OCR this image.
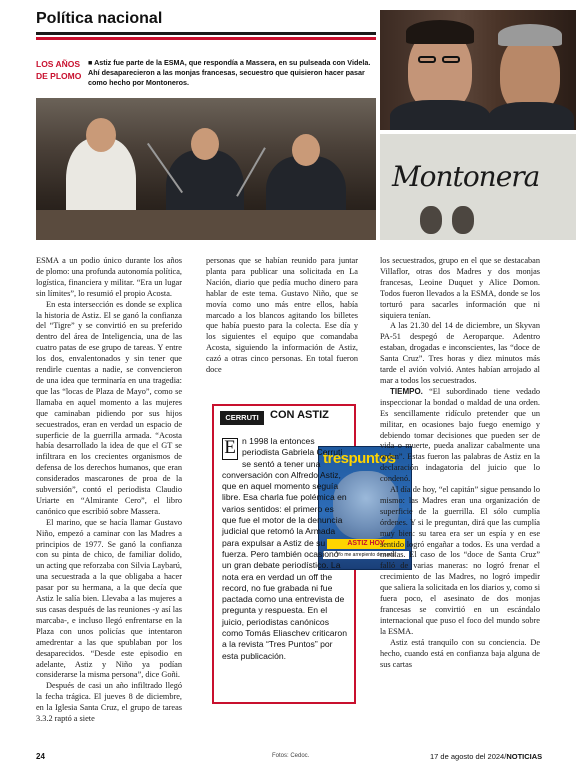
Política nacional
LOS AÑOS DE PLOMO
■ Astiz fue parte de la ESMA, que respondía a Massera, en su pulseada con Videla. Ahí desaparecieron a las monjas francesas, secuestro que quisieron hacer pasar como hecho por Montoneros.
Montonera

ESMA a un podio único durante los años de plomo: una profunda autonomía política, logística, financiera y militar. “Era un lugar sin límites”, lo resumió el propio Acosta.

En esta intersección es donde se explica la historia de Astiz. El se ganó la confianza del “Tigre” y se convirtió en su preferido dentro del área de Inteligencia, una de las cuatro patas de ese grupo de tareas. Y entre los dos, envalentonados y sin tener que rendirle cuentas a nadie, se convencieron de una idea que terminaría en una tragedia: que las “locas de Plaza de Mayo”, como se llamaba en aquel momento a las mujeres que caminaban pidiendo por sus hijos secuestrados, eran en verdad un espacio de superficie de la guerrilla armada. “Acosta había desarrollado la idea de que el GT se infiltrara en los crecientes organismos de defensa de los derechos humanos, que eran considerados mascarones de proa de la subversión”, contó el periodista Claudio Uriarte en “Almirante Cero”, el libro canónico que escribió sobre Massera.

El marino, que se hacía llamar Gustavo Niño, empezó a caminar con las Madres a principios de 1977. Se ganó la confianza con su pinta de chico, de familiar dolido, un acting que reforzaba con Silvia Laybarú, una secuestrada a la que obligaba a hacer pasar por su hermana, a la que decía que Astiz le salía bien. Llevaba a las mujeres a sus casas después de las reuniones -y así las marcaba-, e incluso llegó enfrentarse en la Plaza con unos policías que intentaron amedrentar a las que spublaban por los desaparecidos. “Desde este episodio en adelante, Astiz y Niño ya podían considerarse la misma persona”, dice Goñi.

Después de casi un año infiltrado llegó la fecha trágica. El jueves 8 de diciembre, en la Iglesia Santa Cruz, el grupo de tareas 3.3.2 raptó a siete

personas que se habían reunido para juntar planta para publicar una solicitada en La Nación, diario que pedía mucho dinero para hablar de este tema. Gustavo Niño, que se movía como uno más entre ellos, había marcado a los blancos agitando los billetes que había puesto para la colecta. Ese día y los siguientes el equipo que comandaba Acosta, siguiendo la información de Astiz, cazó a otras cinco personas. En total fueron doce

CERRUTI	CON ASTIZ
trespuntos
ASTIZ HOY
“Yo me arrepiento de nada”
E n 1998 la entonces periodista Gabriela Cerruti se sentó a tener una conversación con Alfredo Astiz, que en aquel momento seguía libre. Esa charla fue polémica en varios sentidos: el primero es que fue el motor de la denuncia judicial que retomó la Armada para expulsar a Astiz de su fuerza. Pero también ocasionó un gran debate periodístico. La nota era en verdad un off the record, no fue grabada ni fue pactada como una entrevista de pregunta y respuesta. En el juicio, periodistas canónicos como Tomás Eliaschev criticaron a la revista “Tres Puntos” por esta publicación.

los secuestrados, grupo en el que se destacaban Villaflor, otras dos Madres y dos monjas francesas, Leoine Duquet y Alice Domon. Todos fueron llevados a la ESMA, donde se los torturó para sacarles información que ni siquiera tenían.

A las 21.30 del 14 de diciembre, un Skyvan PA-51 despegó de Aeroparque. Adentro estaban, drogadas e inconscientes, las “doce de Santa Cruz”. Tres horas y diez minutos más tarde el avión volvió. Antes habían arrojado al mar a todos los secuestrados.

TIEMPO. “El subordinado tiene vedado inspeccionar la bondad o maldad de una orden. Es sencillamente ridículo pretender que un militar, en ocasiones bajo fuego enemigo y debiendo tomar decisiones que pueden ser de vida o muerte, pueda analizar cabalmente una orden”. Estas fueron las palabras de Astiz en la declaración indagatoria del juicio que lo condenó.

Al día de hoy, “el capitán” sigue pensando lo mismo: las Madres eran una organización de superficie de la guerrilla. El sólo cumplía órdenes. Y si le preguntan, dirá que las cumplía muy bien: su tarea era ser un espía y en ese sentido logró engañar a todos. Es una verdad a medias. El caso de los “doce de Santa Cruz” falló de varias maneras: no logró frenar el crecimiento de las Madres, no logró impedir que saliera la solicitada en los diarios y, como si fuera poco, el asesinato de dos monjas francesas se convirtió en un escándalo internacional que puso el foco del mundo sobre la ESMA.

Astiz está tranquilo con su conciencia. De hecho, cuando está en confianza baja alguna de sus cartas

24	Fotos: Cedoc.	17 de agosto del 2024/NOTICIAS
